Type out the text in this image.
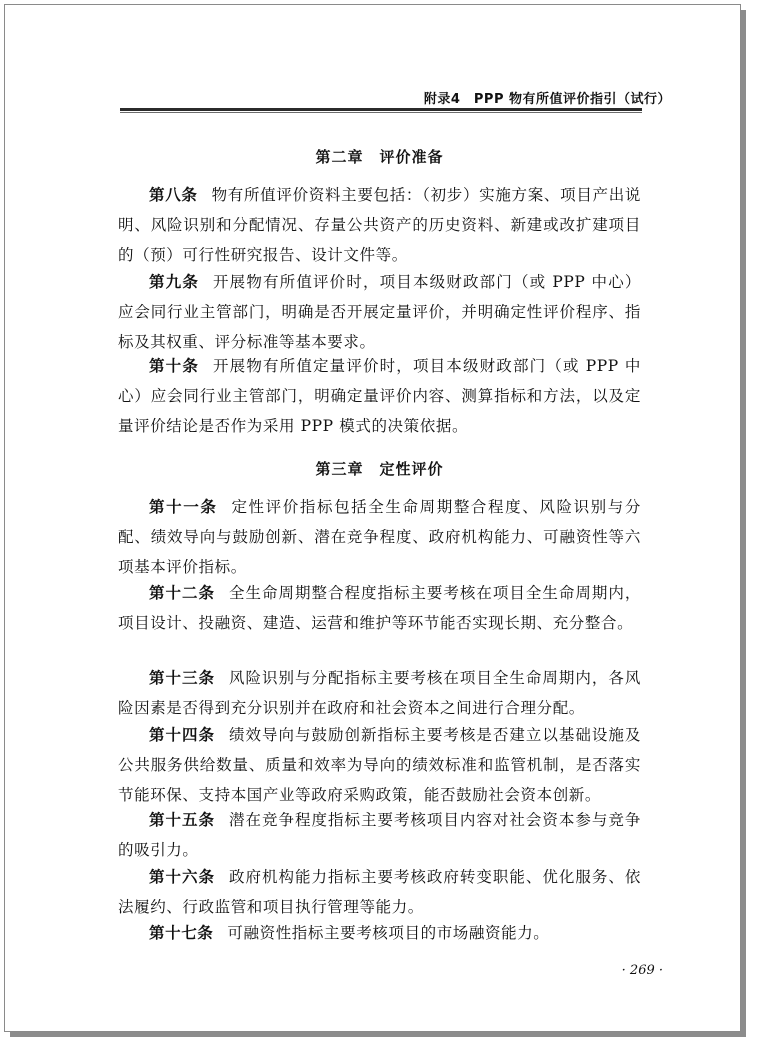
附录4　PPP 物有所值评价指引（试行）
第二章　评价准备

第八条 物有所值评价资料主要包括：（初步）实施方案、项目产出说明、风险识别和分配情况、存量公共资产的历史资料、新建或改扩建项目的（预）可行性研究报告、设计文件等。

第九条 开展物有所值评价时，项目本级财政部门（或 PPP 中心）应会同行业主管部门，明确是否开展定量评价，并明确定性评价程序、指标及其权重、评分标准等基本要求。

第十条 开展物有所值定量评价时，项目本级财政部门（或 PPP 中心）应会同行业主管部门，明确定量评价内容、测算指标和方法，以及定量评价结论是否作为采用 PPP 模式的决策依据。

第三章　定性评价

第十一条 定性评价指标包括全生命周期整合程度、风险识别与分配、绩效导向与鼓励创新、潜在竞争程度、政府机构能力、可融资性等六项基本评价指标。

第十二条 全生命周期整合程度指标主要考核在项目全生命周期内，项目设计、投融资、建造、运营和维护等环节能否实现长期、充分整合。

第十三条 风险识别与分配指标主要考核在项目全生命周期内，各风险因素是否得到充分识别并在政府和社会资本之间进行合理分配。

第十四条 绩效导向与鼓励创新指标主要考核是否建立以基础设施及公共服务供给数量、质量和效率为导向的绩效标准和监管机制，是否落实节能环保、支持本国产业等政府采购政策，能否鼓励社会资本创新。

第十五条 潜在竞争程度指标主要考核项目内容对社会资本参与竞争的吸引力。

第十六条 政府机构能力指标主要考核政府转变职能、优化服务、依法履约、行政监管和项目执行管理等能力。

第十七条 可融资性指标主要考核项目的市场融资能力。

· 269 ·
